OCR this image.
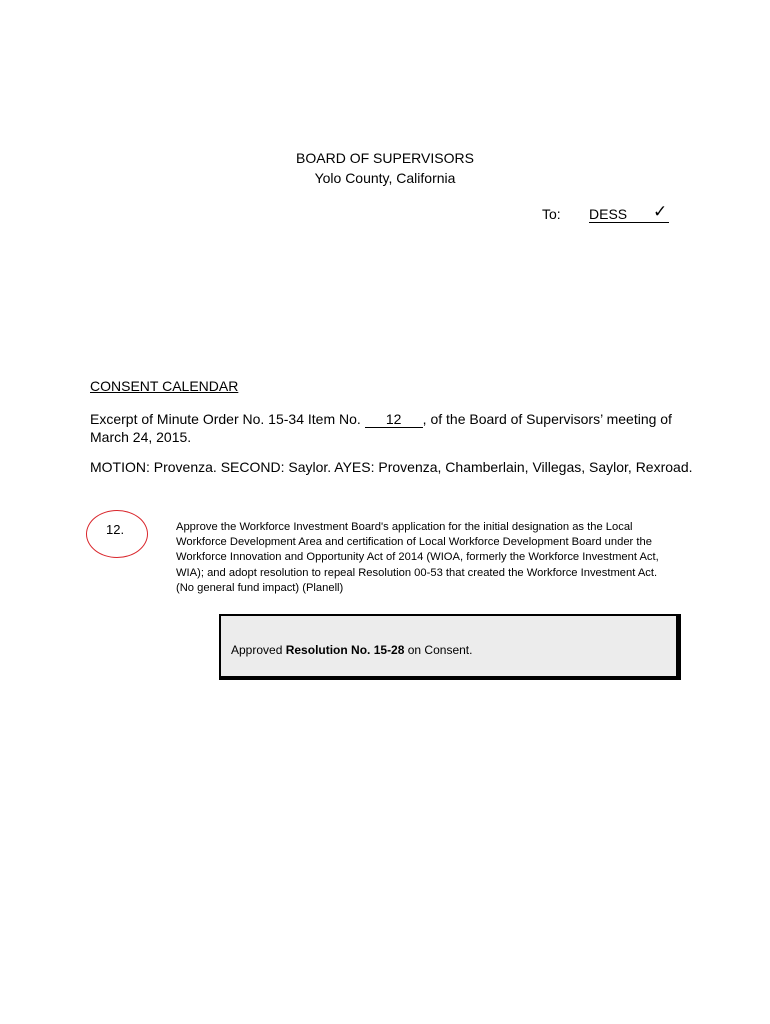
BOARD OF SUPERVISORS
Yolo County, California
To: DESS	✓
CONSENT CALENDAR
Excerpt of Minute Order No. 15-34 Item No. 12 , of the Board of Supervisors’ meeting of
March 24, 2015.
MOTION: Provenza. SECOND: Saylor. AYES: Provenza, Chamberlain, Villegas, Saylor, Rexroad.
12.	Approve the Workforce Investment Board's application for the initial designation as the Local Workforce Development Area and certification of Local Workforce Development Board under the Workforce Innovation and Opportunity Act of 2014 (WIOA, formerly the Workforce Investment Act, WIA); and adopt resolution to repeal Resolution 00-53 that created the Workforce Investment Act. (No general fund impact) (Planell)
Approved Resolution No. 15-28 on Consent.
